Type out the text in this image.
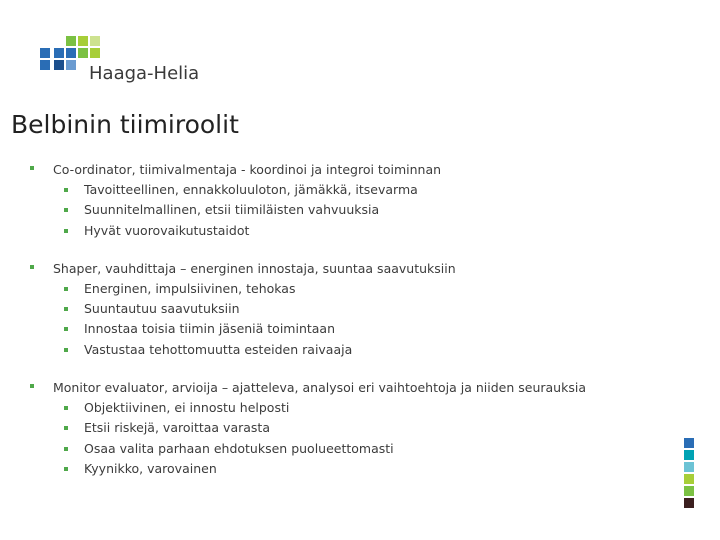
Haaga-Helia
Belbinin tiimiroolit
Co-ordinator, tiimivalmentaja - koordinoi ja integroi toiminnan
Tavoitteellinen, ennakkoluuloton, jämäkkä, itsevarma
Suunnitelmallinen, etsii tiimiläisten vahvuuksia
Hyvät vuorovaikutustaidot
Shaper, vauhdittaja – energinen innostaja, suuntaa saavutuksiin
Energinen, impulsiivinen, tehokas
Suuntautuu saavutuksiin
Innostaa toisia tiimin jäseniä toimintaan
Vastustaa tehottomuutta esteiden raivaaja
Monitor evaluator, arvioija – ajatteleva, analysoi eri vaihtoehtoja ja niiden seurauksia
Objektiivinen, ei innostu helposti
Etsii riskejä, varoittaa varasta
Osaa valita parhaan ehdotuksen puolueettomasti
Kyynikko, varovainen
